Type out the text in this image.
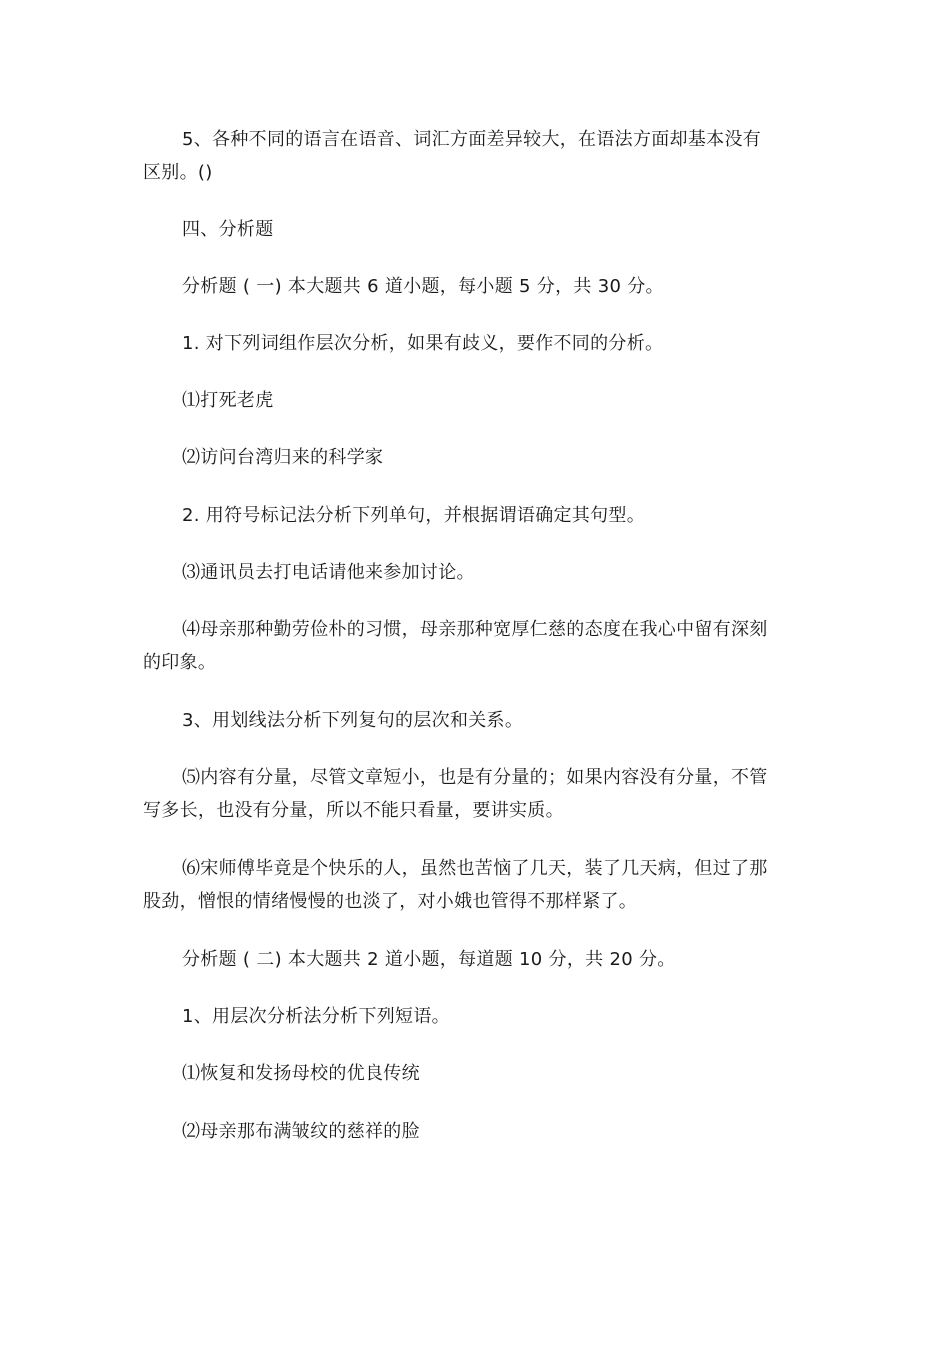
5、各种不同的语言在语音、词汇方面差异较大，在语法方面却基本没有区别。()

四、分析题

分析题 ( 一) 本大题共 6 道小题，每小题 5 分，共 30 分。

1. 对下列词组作层次分析，如果有歧义，要作不同的分析。

⑴打死老虎

⑵访问台湾归来的科学家

2. 用符号标记法分析下列单句，并根据谓语确定其句型。

⑶通讯员去打电话请他来参加讨论。

⑷母亲那种勤劳俭朴的习惯，母亲那种宽厚仁慈的态度在我心中留有深刻的印象。

3、用划线法分析下列复句的层次和关系。

⑸内容有分量，尽管文章短小，也是有分量的；如果内容没有分量，不管写多长，也没有分量，所以不能只看量，要讲实质。

⑹宋师傅毕竟是个快乐的人，虽然也苦恼了几天，装了几天病，但过了那股劲，憎恨的情绪慢慢的也淡了，对小娥也管得不那样紧了。

分析题 ( 二) 本大题共 2 道小题，每道题 10 分，共 20 分。

1、用层次分析法分析下列短语。

⑴恢复和发扬母校的优良传统

⑵母亲那布满皱纹的慈祥的脸
